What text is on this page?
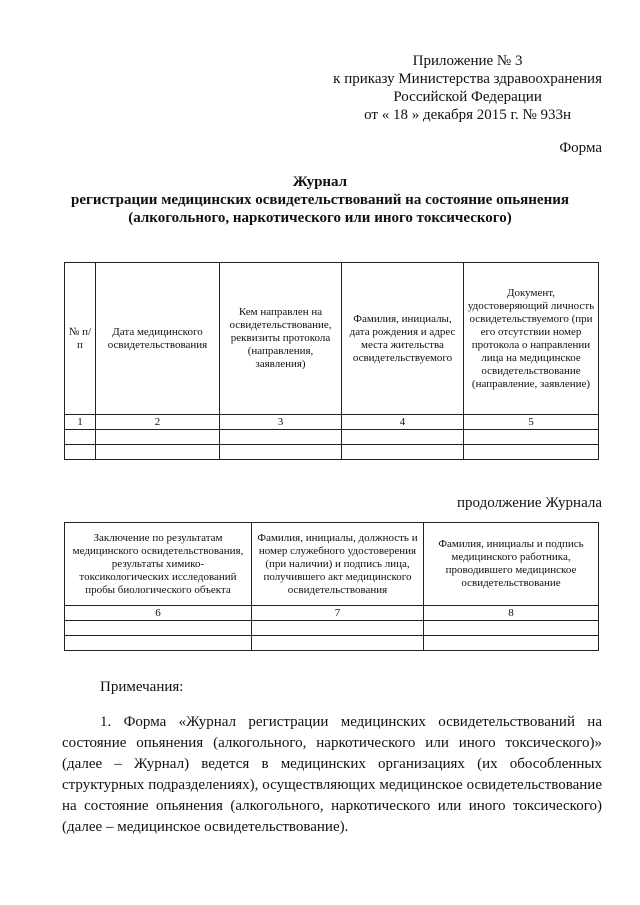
Приложение № 3
к приказу Министерства здравоохранения
Российской Федерации
от « 18 » декабря 2015 г. № 933н
Форма
Журнал
регистрации медицинских освидетельствований на состояние опьянения
(алкогольного, наркотического или иного токсического)
№ п/п	Дата медицинского освидетельствования	Кем направлен на освидетельствование, реквизиты протокола (направления, заявления)	Фамилия, инициалы, дата рождения и адрес места жительства освидетельствуемого	Документ, удостоверяющий личность освидетельствуемого (при его отсутствии номер протокола о направлении лица на медицинское освидетельствование (направление, заявление)
1	2	3	4	5

продолжение Журнала
Заключение по результатам медицинского освидетельствования, результаты химико-токсикологических исследований пробы биологического объекта	Фамилия, инициалы, должность и номер служебного удостоверения (при наличии) и подпись лица, получившего акт медицинского освидетельствования	Фамилия, инициалы и подпись медицинского работника, проводившего медицинское освидетельствование
6	7	8

Примечания:
1. Форма «Журнал регистрации медицинских освидетельствований на состояние опьянения (алкогольного, наркотического или иного токсического)» (далее – Журнал) ведется в медицинских организациях (их обособленных структурных подразделениях), осуществляющих медицинское освидетельствование на состояние опьянения (алкогольного, наркотического или иного токсического) (далее – медицинское освидетельствование).
